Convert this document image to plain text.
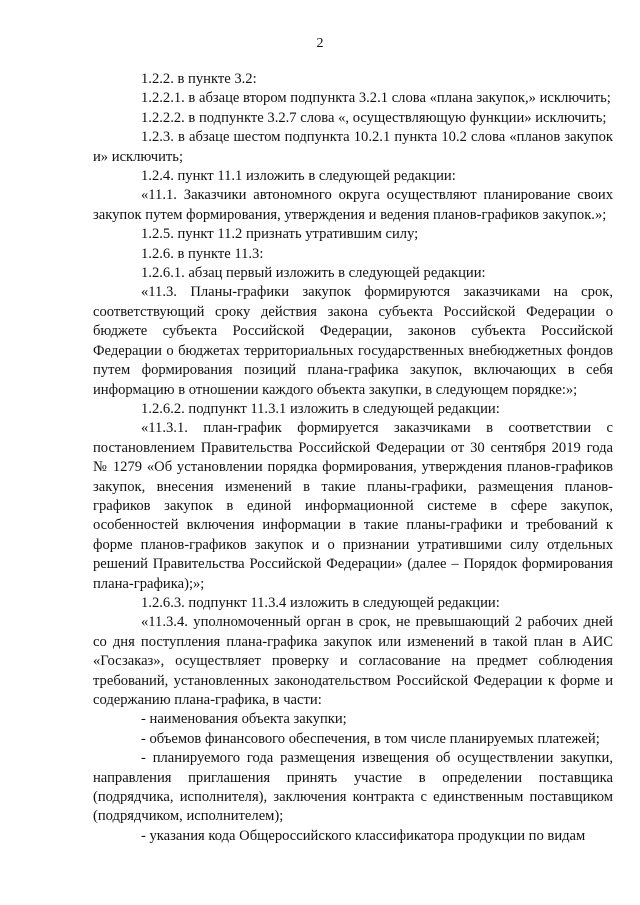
2

1.2.2. в пункте 3.2:

1.2.2.1. в абзаце втором подпункта 3.2.1 слова «плана закупок,» исключить;

1.2.2.2. в подпункте 3.2.7 слова «, осуществляющую функции» исключить;

1.2.3. в абзаце шестом подпункта 10.2.1 пункта 10.2 слова «планов закупок и» исключить;

1.2.4. пункт 11.1 изложить в следующей редакции:

«11.1. Заказчики автономного округа осуществляют планирование своих закупок путем формирования, утверждения и ведения планов-графиков закупок.»;

1.2.5. пункт 11.2 признать утратившим силу;

1.2.6. в пункте 11.3:

1.2.6.1. абзац первый изложить в следующей редакции:

«11.3. Планы-графики закупок формируются заказчиками на срок, соответствующий сроку действия закона субъекта Российской Федерации о бюджете субъекта Российской Федерации, законов субъекта Российской Федерации о бюджетах территориальных государственных внебюджетных фондов путем формирования позиций плана-графика закупок, включающих в себя информацию в отношении каждого объекта закупки, в следующем порядке:»;

1.2.6.2. подпункт 11.3.1 изложить в следующей редакции:

«11.3.1. план-график формируется заказчиками в соответствии с постановлением Правительства Российской Федерации от 30 сентября 2019 года № 1279 «Об установлении порядка формирования, утверждения планов-графиков закупок, внесения изменений в такие планы-графики, размещения планов-графиков закупок в единой информационной системе в сфере закупок, особенностей включения информации в такие планы-графики и требований к форме планов-графиков закупок и о признании утратившими силу отдельных решений Правительства Российской Федерации» (далее – Порядок формирования плана-графика);»;

1.2.6.3. подпункт 11.3.4 изложить в следующей редакции:

«11.3.4. уполномоченный орган в срок, не превышающий 2 рабочих дней со дня поступления плана-графика закупок или изменений в такой план в АИС «Госзаказ», осуществляет проверку и согласование на предмет соблюдения требований, установленных законодательством Российской Федерации к форме и содержанию плана-графика, в части:

- наименования объекта закупки;

- объемов финансового обеспечения, в том числе планируемых платежей;

- планируемого года размещения извещения об осуществлении закупки, направления приглашения принять участие в определении поставщика (подрядчика, исполнителя), заключения контракта с единственным поставщиком (подрядчиком, исполнителем);

- указания кода Общероссийского классификатора продукции по видам
